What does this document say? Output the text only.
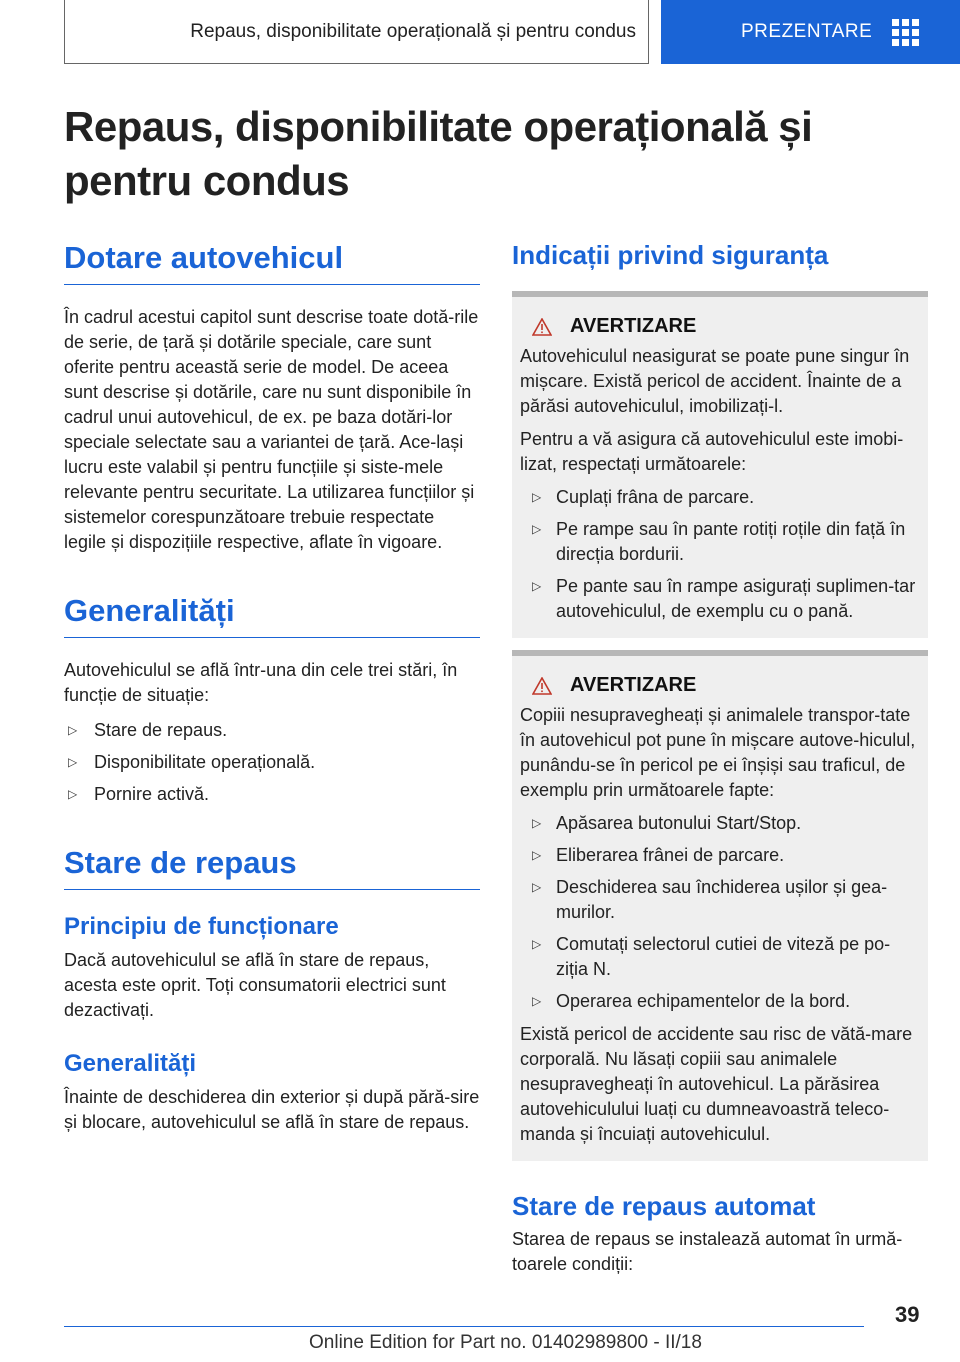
Repaus, disponibilitate operațională și pentru condus	PREZENTARE
Repaus, disponibilitate operațională și pentru condus
Dotare autovehicul

În cadrul acestui capitol sunt descrise toate dotă-rile de serie, de țară și dotările speciale, care sunt oferite pentru această serie de model. De aceea sunt descrise și dotările, care nu sunt disponibile în cadrul unui autovehicul, de ex. pe baza dotări-lor speciale selectate sau a variantei de țară. Ace-lași lucru este valabil și pentru funcțiile și siste-mele relevante pentru securitate. La utilizarea funcțiilor și sistemelor corespunzătoare trebuie respectate legile și dispozițiile respective, aflate în vigoare.

Generalități

Autovehiculul se află într-una din cele trei stări, în funcție de situație:

▷ Stare de repaus.
▷ Disponibilitate operațională.
▷ Pornire activă.
Stare de repaus
Principiu de funcționare

Dacă autovehiculul se află în stare de repaus, acesta este oprit. Toți consumatorii electrici sunt dezactivați.

Generalități

Înainte de deschiderea din exterior și după pără-sire și blocare, autovehiculul se află în stare de repaus.

Indicații privind siguranța
AVERTIZARE

Autovehiculul neasigurat se poate pune singur în mișcare. Există pericol de accident. Înainte de a părăsi autovehiculul, imobilizați-l.

Pentru a vă asigura că autovehiculul este imobi-lizat, respectați următoarele:

▷ Cuplați frâna de parcare.
▷ Pe rampe sau în pante rotiți roțile din față în direcția bordurii.
▷ Pe pante sau în rampe asigurați suplimen-tar autovehiculul, de exemplu cu o pană.
AVERTIZARE

Copiii nesupravegheați și animalele transpor-tate în autovehicul pot pune în mișcare autove-hiculul, punându-se în pericol pe ei înșiși sau traficul, de exemplu prin următoarele fapte:

▷ Apăsarea butonului Start/Stop.
▷ Eliberarea frânei de parcare.
▷ Deschiderea sau închiderea ușilor și gea-murilor.
▷ Comutați selectorul cutiei de viteză pe po-ziția N.
▷ Operarea echipamentelor de la bord.

Există pericol de accidente sau risc de vătă-mare corporală. Nu lăsați copiii sau animalele nesupravegheați în autovehicul. La părăsirea autovehiculului luați cu dumneavoastră teleco-manda și încuiați autovehiculul.

Stare de repaus automat

Starea de repaus se instalează automat în urmă-toarele condiții:

39
Online Edition for Part no. 01402989800 - II/18
